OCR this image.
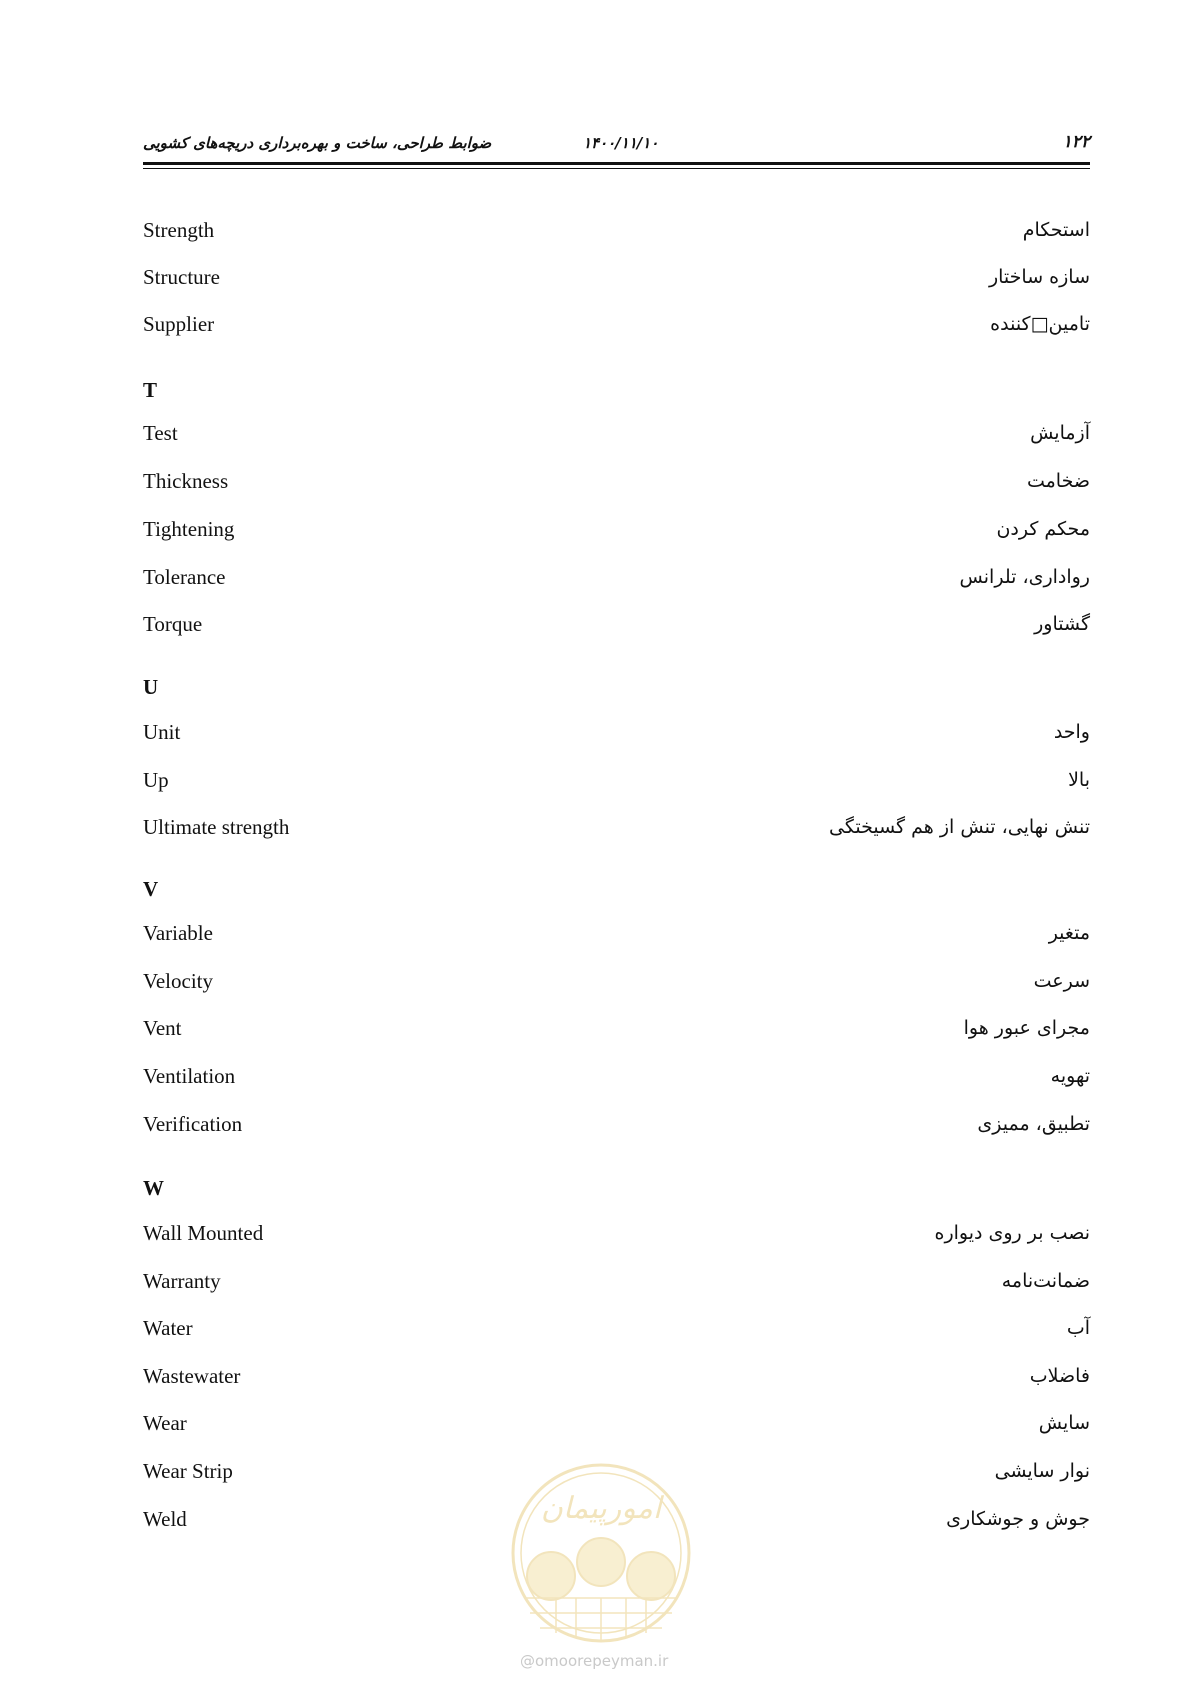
۱۲۲
۱۴۰۰/۱۱/۱۰
ضوابط طراحی، ساخت و بهره‌برداری دریچه‌های کشویی
Strength	استحکام
Structure	سازه ساختار
Supplier	تامین□کننده
T
Test	آزمایش
Thickness	ضخامت
Tightening	محکم کردن
Tolerance	رواداری، تلرانس
Torque	گشتاور
U
Unit	واحد
Up	بالا
Ultimate strength	تنش نهایی، تنش از هم گسیختگی
V
Variable	متغیر
Velocity	سرعت
Vent	مجرای عبور هوا
Ventilation	تهویه
Verification	تطبیق، ممیزی
W
Wall Mounted	نصب بر روی دیواره
Warranty	ضمانت‌نامه
Water	آب
Wastewater	فاضلاب
Wear	سایش
Wear Strip	نوار سایشی
Weld	جوش و جوشکاری
امورپیمان
@omoorepeyman.ir
